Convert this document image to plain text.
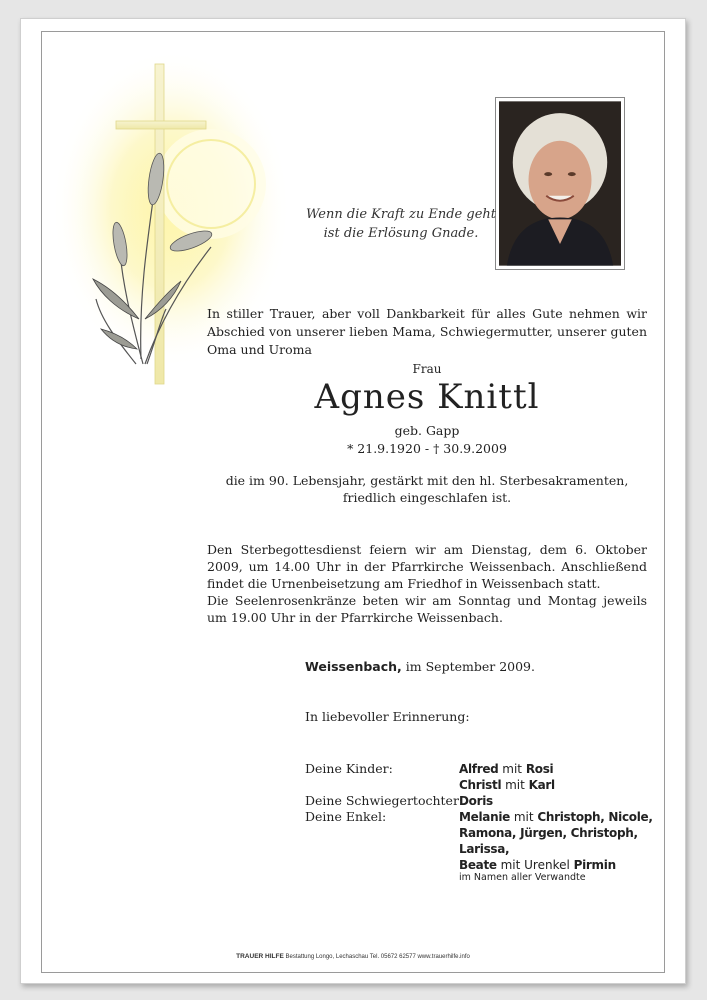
Wenn die Kraft zu Ende geht
ist die Erlösung Gnade.
In stiller Trauer, aber voll Dankbarkeit für alles Gute nehmen wir Abschied von unserer lieben Mama, Schwiegermutter, unserer guten Oma und Uroma
Frau
Agnes Knittl
geb. Gapp
* 21.9.1920 - † 30.9.2009
die im 90. Lebensjahr, gestärkt mit den hl. Sterbesakramenten,
friedlich eingeschlafen ist.
Den Sterbegottesdienst feiern wir am Dienstag, dem 6. Oktober 2009, um 14.00 Uhr in der Pfarrkirche Weissenbach. Anschließend findet die Urnenbeisetzung am Friedhof in Weissenbach statt.
Die Seelenrosenkränze beten wir am Sonntag und Montag jeweils um 19.00 Uhr in der Pfarrkirche Weissenbach.
Weissenbach, im September 2009.
In liebevoller Erinnerung:
Deine Kinder:
Deine Schwiegertochter:
Deine Enkel:
Alfred mit Rosi
Christl mit Karl
Doris
Melanie mit Christoph, Nicole,
Ramona, Jürgen, Christoph,
Larissa,
Beate mit Urenkel Pirmin
im Namen aller Verwandte
TRAUER HILFE Bestattung Longo, Lechaschau Tel. 05672 62577 www.trauerhilfe.info
